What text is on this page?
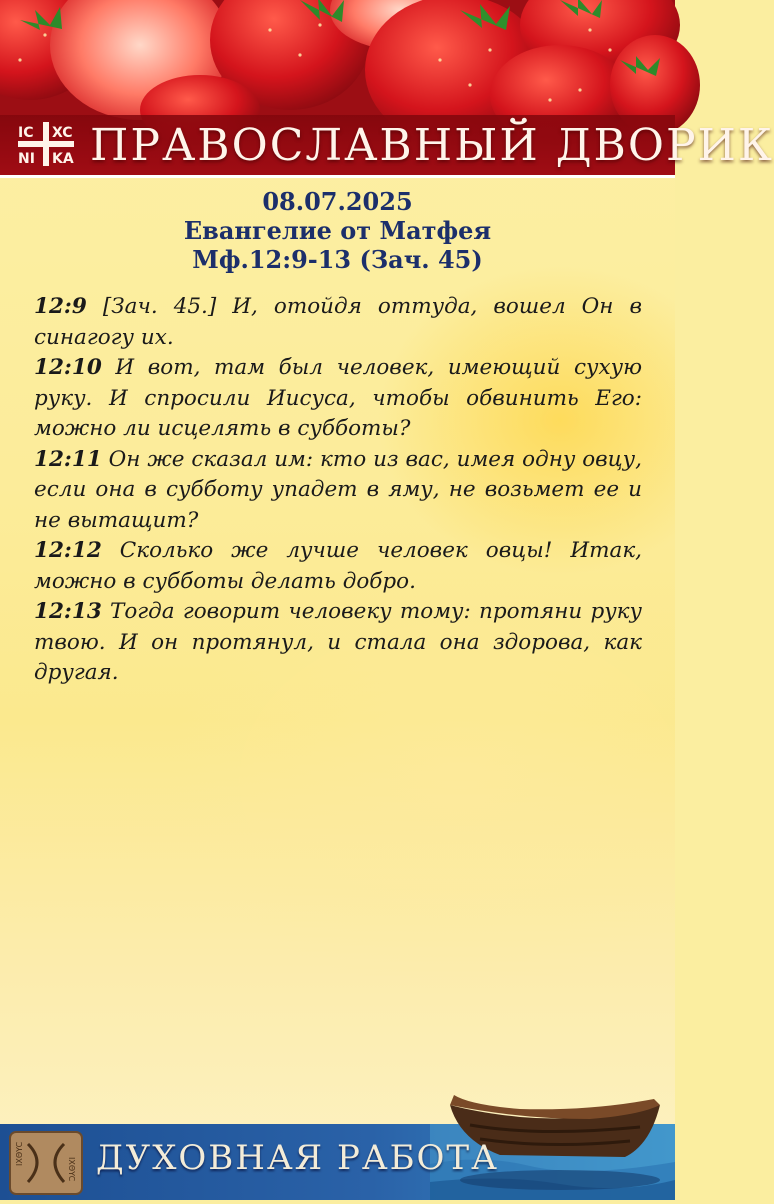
IC XC
NI KA ПРАВОСЛАВНЫЙ ДВОРИК
08.07.2025
Евангелие от Матфея
Мф.12:9-13 (Зач. 45)

12:9 [Зач. 45.] И, отойдя оттуда, вошел Он в синагогу их.

12:10 И вот, там был человек, имеющий сухую руку. И спросили Иисуса, чтобы обвинить Его: можно ли исцелять в субботы?

12:11 Он же сказал им: кто из вас, имея одну овцу, если она в субботу упадет в яму, не возьмет ее и не вытащит?

12:12 Сколько же лучше человек овцы! Итак, можно в субботы делать добро.

12:13 Тогда говорит человеку тому: протяни руку твою. И он протянул, и стала она здорова, как другая.

IXΘYC
IXΘYC ДУХОВНАЯ РАБОТА
